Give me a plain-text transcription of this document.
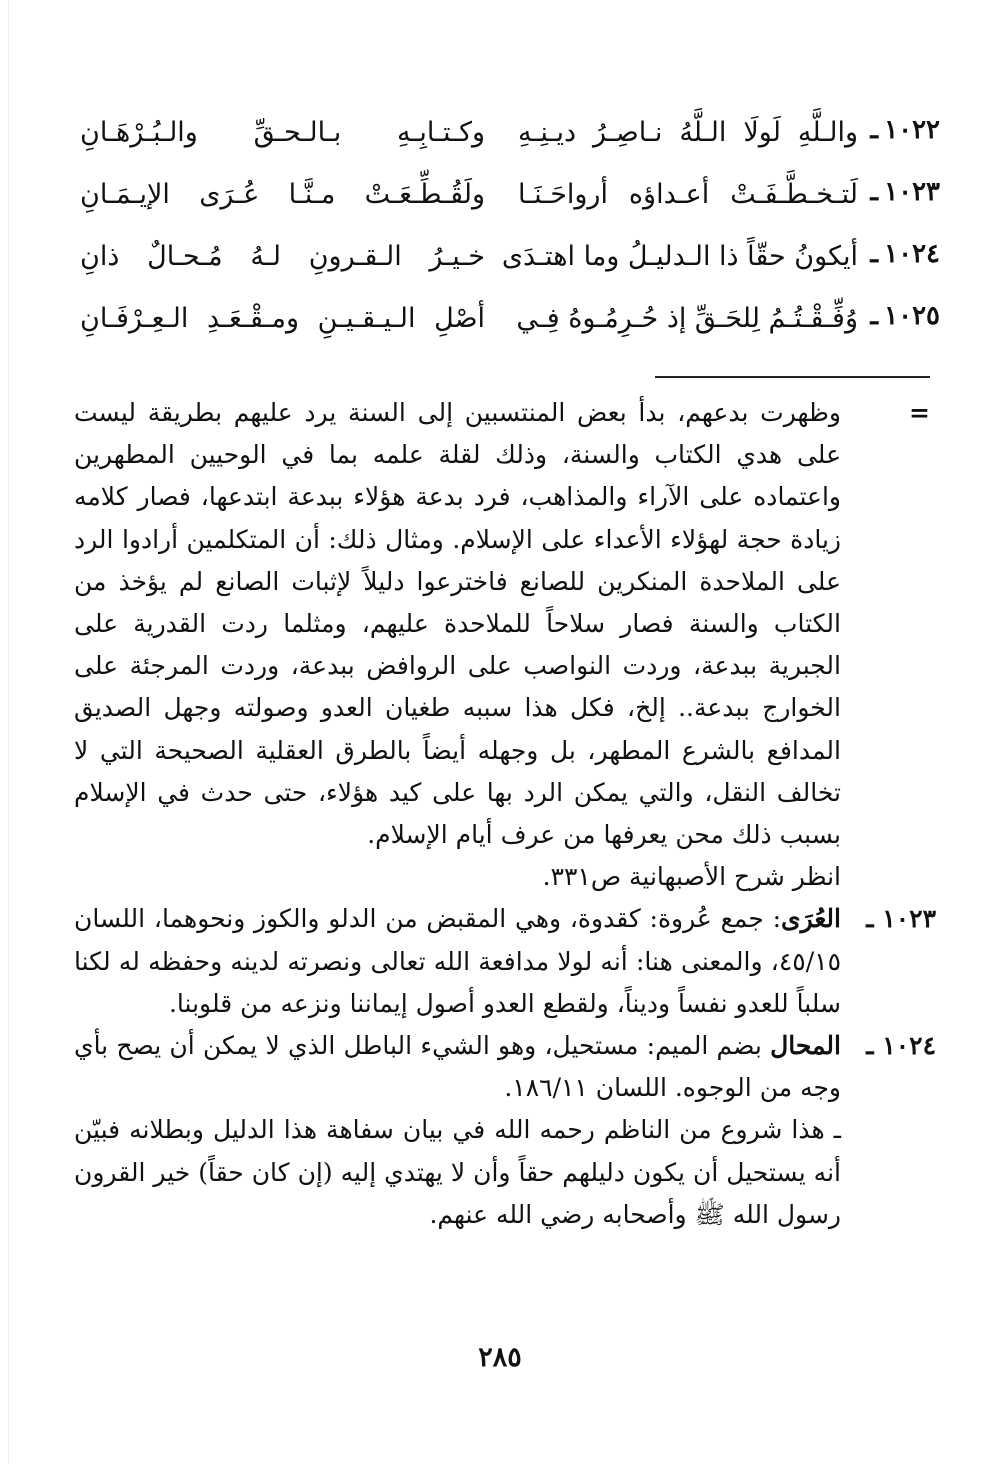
١٠٢٢
ـ
والـلَّهِ لَولَا الـلَّهُ نـاصِـرُ ديـنِـهِ
وكـتـابِـهِ بـالـحـقِّ والـبُـرْهَـانِ
١٠٢٣
ـ
لَتـخـطَّـفَـتْ أعـداؤه أرواحَـنَـا
ولَقُـطِّـعَـتْ مـنَّـا عُـرَى الإيـمَـانِ
١٠٢٤
ـ
أيكونُ حقّاً ذا الـدليـلُ وما اهتـدَى
خـيـرُ الـقـرونِ لـهُ مُـحـالٌ ذانِ
١٠٢٥
ـ
وُفِّـقْـتُـمُ لِلحَـقِّ إذ حُـرِمُـوهُ فِـي
أصْلِ الـيـقـيـنِ ومـقْـعَـدِ الـعِـرْفَـانِ
=

وظهرت بدعهم، بدأ بعض المنتسبين إلى السنة يرد عليهم بطريقة ليست على هدي الكتاب والسنة، وذلك لقلة علمه بما في الوحيين المطهرين واعتماده على الآراء والمذاهب، فرد بدعة هؤلاء ببدعة ابتدعها، فصار كلامه زيادة حجة لهؤلاء الأعداء على الإسلام. ومثال ذلك: أن المتكلمين أرادوا الرد على الملاحدة المنكرين للصانع فاخترعوا دليلاً لإثبات الصانع لم يؤخذ من الكتاب والسنة فصار سلاحاً للملاحدة عليهم، ومثلما ردت القدرية على الجبرية ببدعة، وردت النواصب على الروافض ببدعة، وردت المرجئة على الخوارج ببدعة.. إلخ، فكل هذا سببه طغيان العدو وصولته وجهل الصديق المدافع بالشرع المطهر، بل وجهله أيضاً بالطرق العقلية الصحيحة التي لا تخالف النقل، والتي يمكن الرد بها على كيد هؤلاء، حتى حدث في الإسلام بسبب ذلك محن يعرفها من عرف أيام الإسلام.

انظر شرح الأصبهانية ص٣٣١.

١٠٢٣ ـ

العُرَى: جمع عُروة: كقدوة، وهي المقبض من الدلو والكوز ونحوهما، اللسان ٤٥/١٥، والمعنى هنا: أنه لولا مدافعة الله تعالى ونصرته لدينه وحفظه له لكنا سلباً للعدو نفساً وديناً، ولقطع العدو أصول إيماننا ونزعه من قلوبنا.

١٠٢٤ ـ

المحال بضم الميم: مستحيل، وهو الشيء الباطل الذي لا يمكن أن يصح بأي وجه من الوجوه. اللسان ١٨٦/١١.

ـ هذا شروع من الناظم رحمه الله في بيان سفاهة هذا الدليل وبطلانه فبيّن أنه يستحيل أن يكون دليلهم حقاً وأن لا يهتدي إليه (إن كان حقاً) خير القرون رسول الله ﷺ وأصحابه رضي الله عنهم.

٢٨٥
